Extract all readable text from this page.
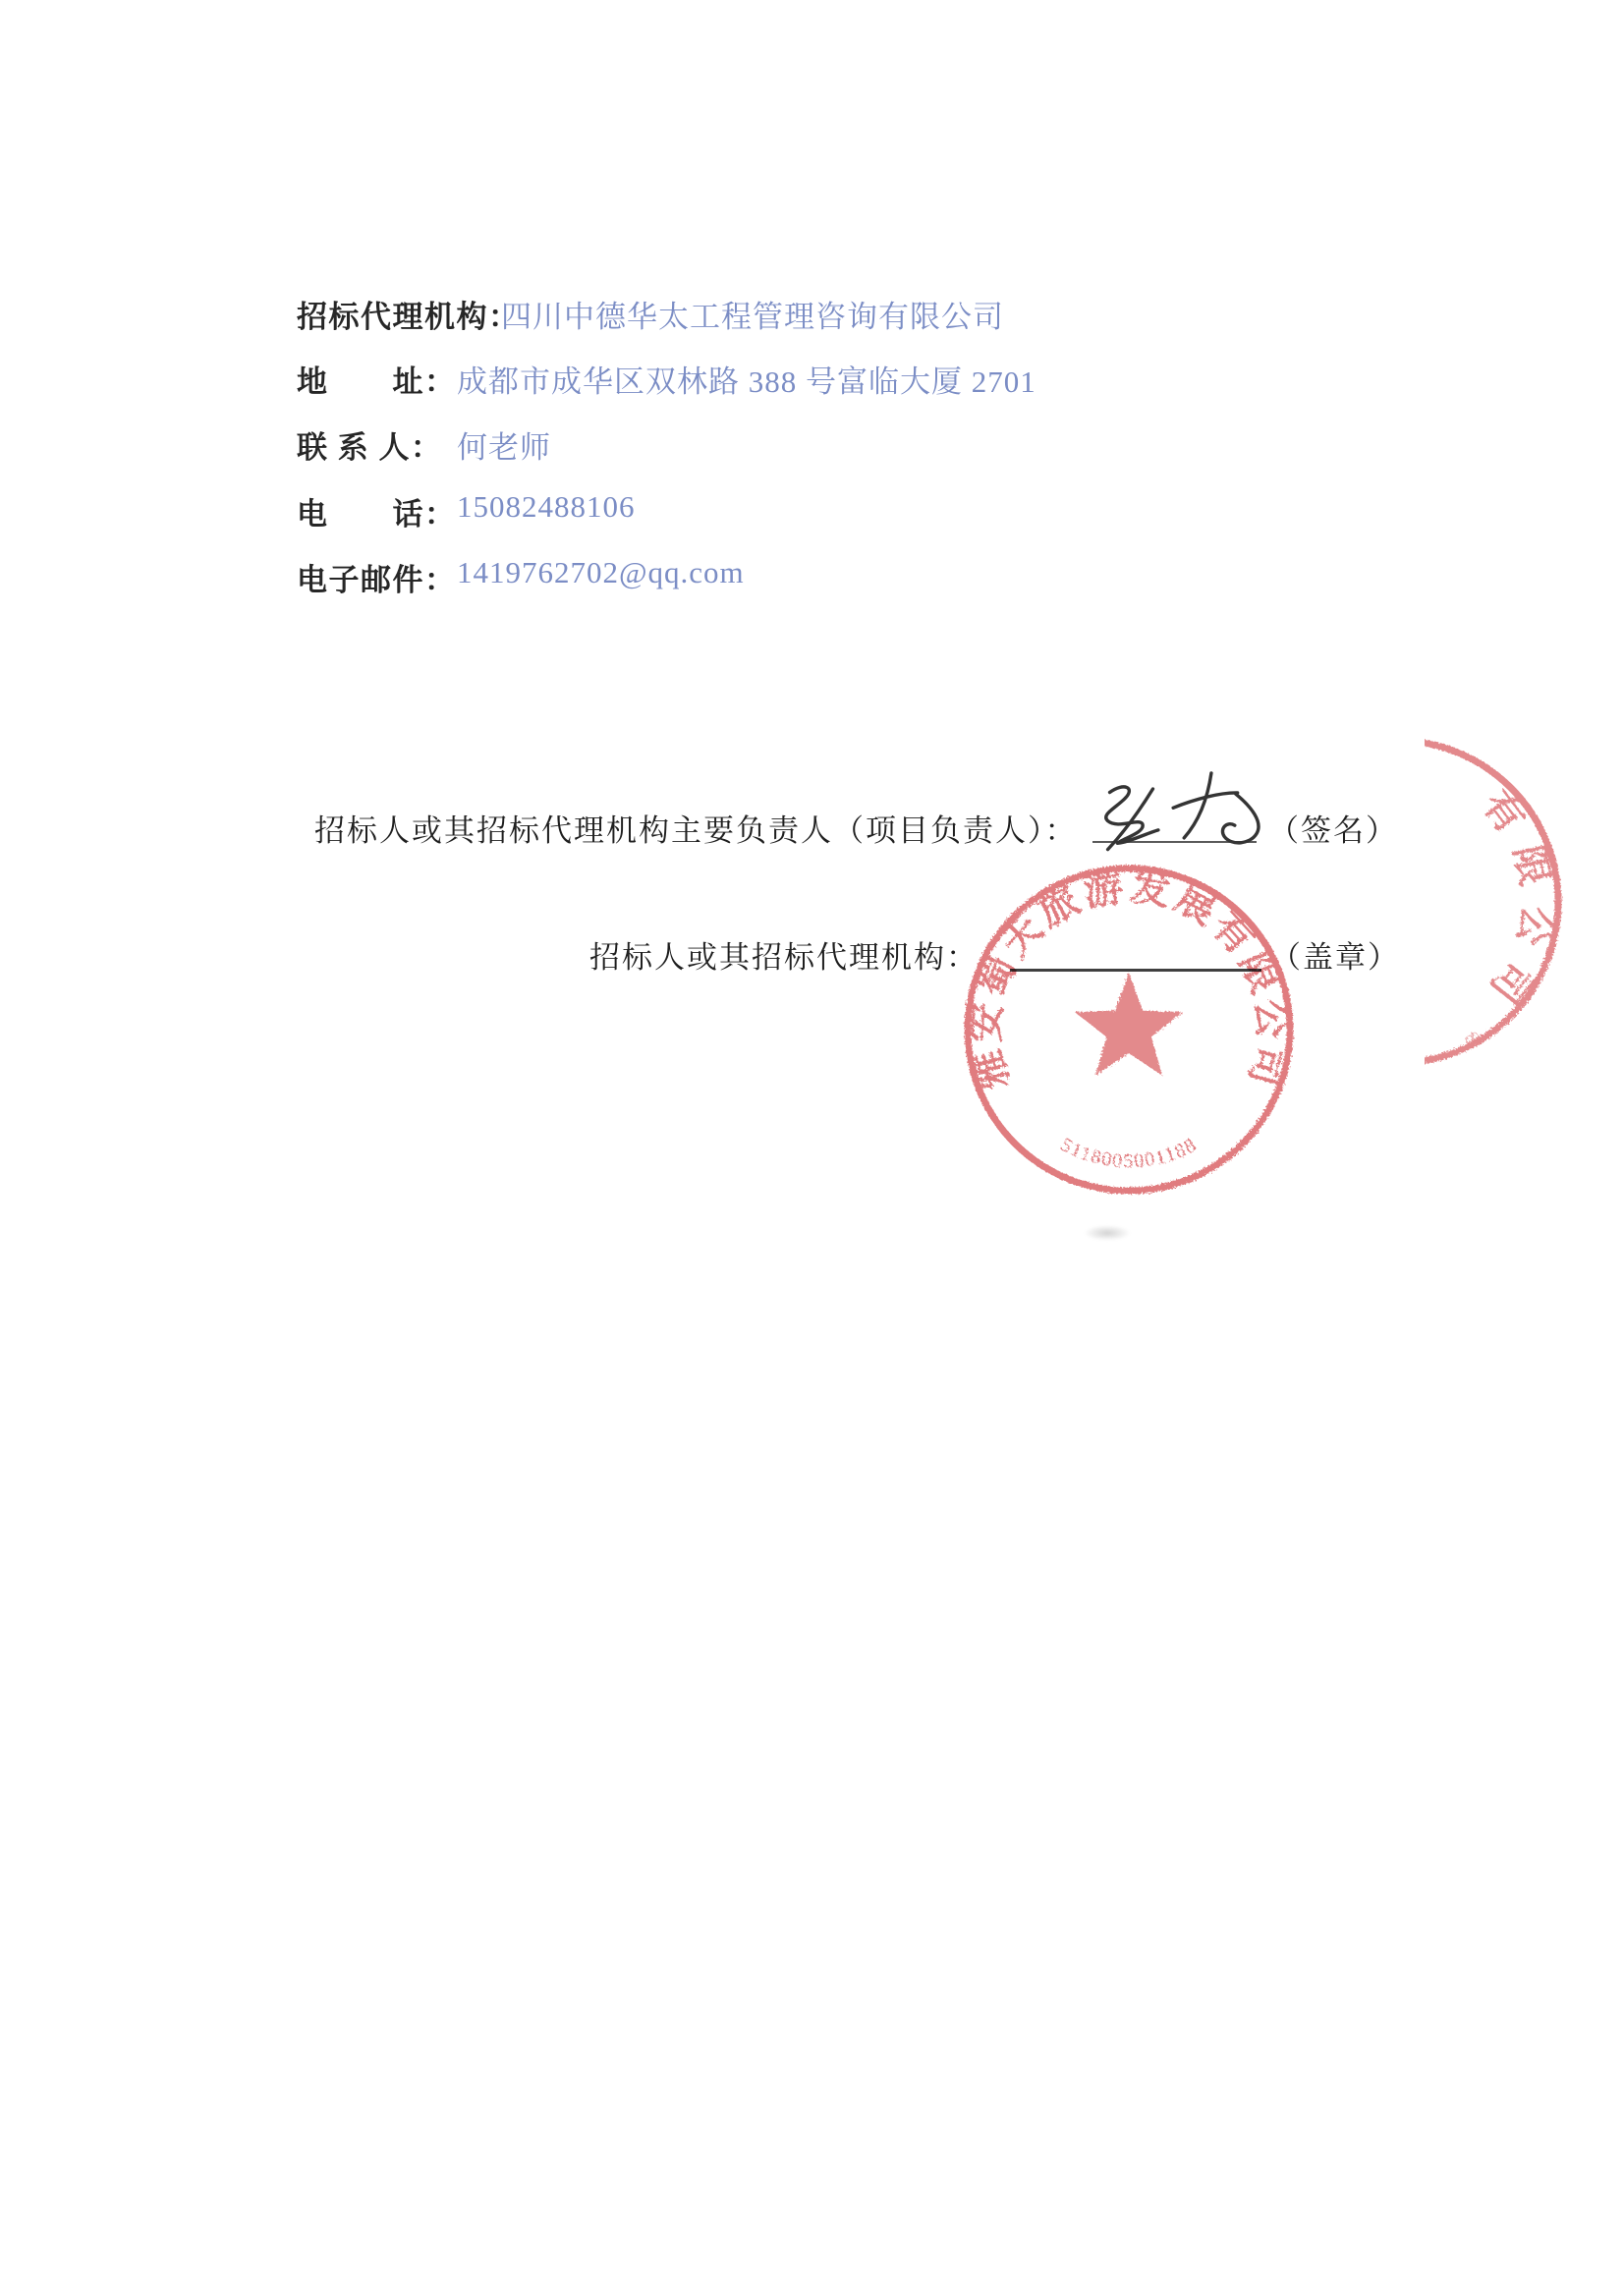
招标代理机构：
四川中德华太工程管理咨询有限公司
地　　址： 成都市成华区双林路 388 号富临大厦 2701
联 系 人： 何老师
电　　话： 15082488106
电子邮件： 1419762702@qq.com
招标人或其招标代理机构主要负责人（项目负责人）：	（签名）
招标人或其招标代理机构：	（盖章）
雅安蜀天旅游发展有限公司
5118005001188
有限公司
8
